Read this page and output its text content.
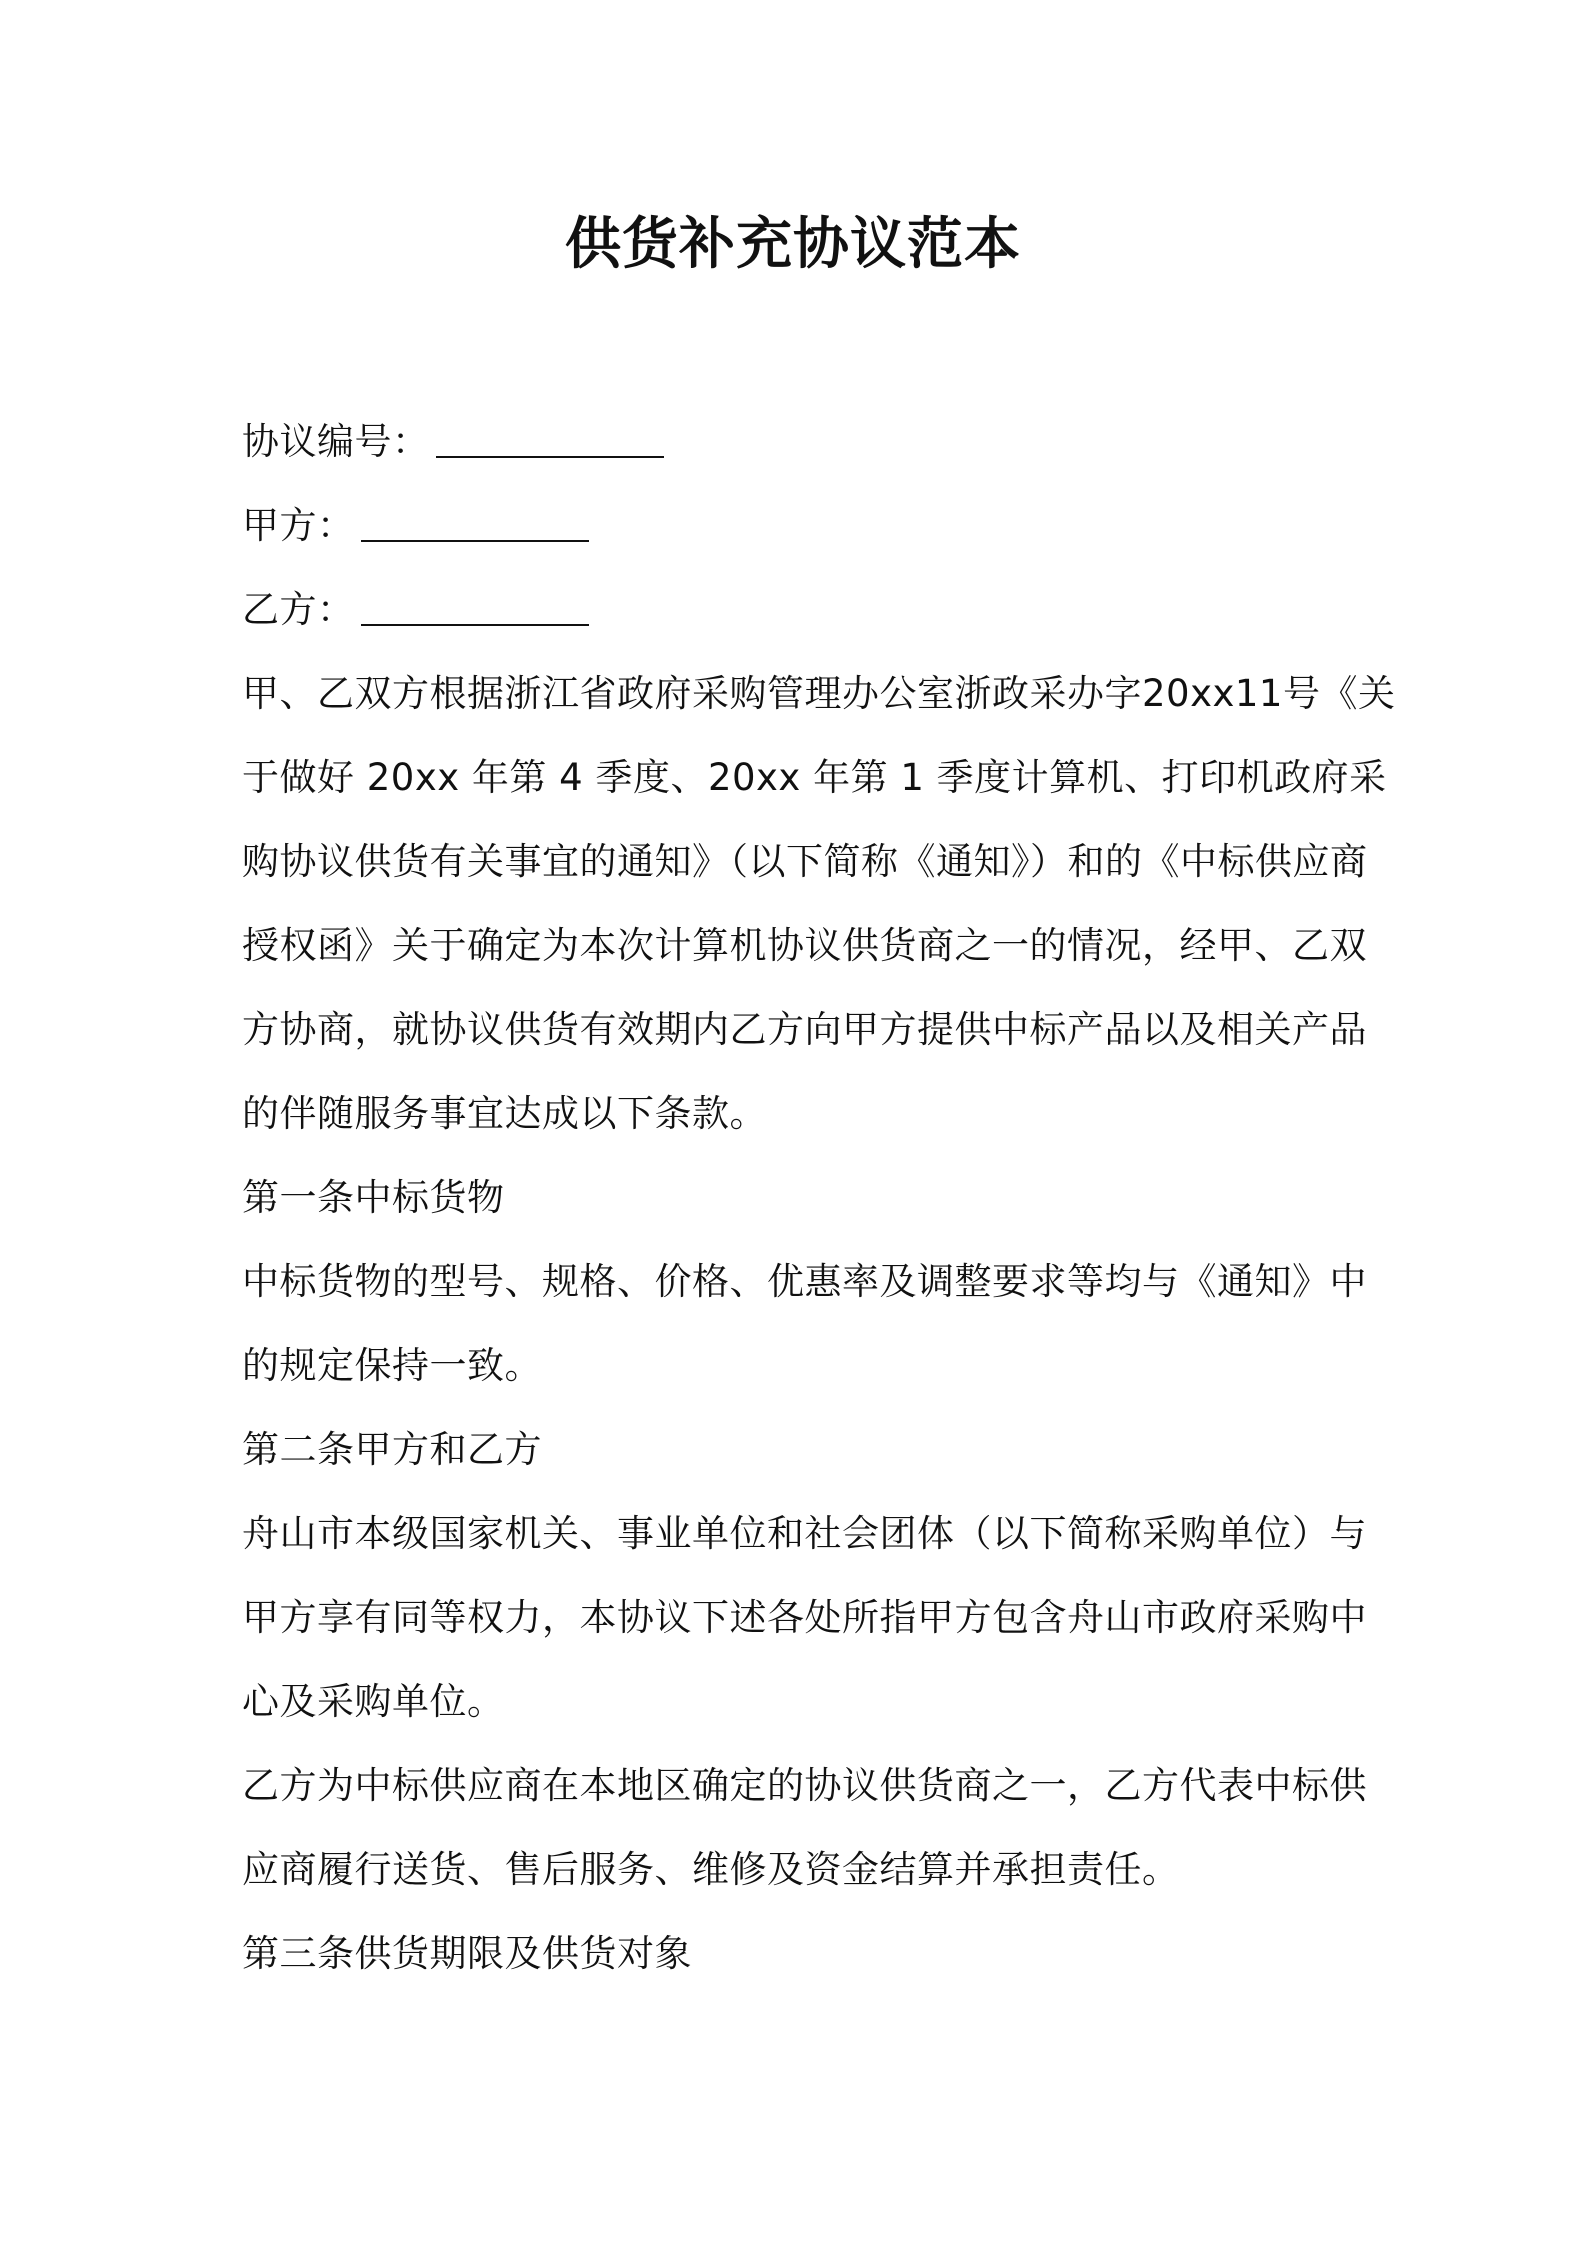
供货补充协议范本
协议编号：
甲方：
乙方：
甲、乙双方根据浙江省政府采购管理办公室浙政采办字20xx11号《关
于做好 20xx 年第 4 季度、20xx 年第 1 季度计算机、打印机政府采
购协议供货有关事宜的通知》（以下简称《通知》）和的《中标供应商
授权函》关于确定为本次计算机协议供货商之一的情况，经甲、乙双
方协商，就协议供货有效期内乙方向甲方提供中标产品以及相关产品
的伴随服务事宜达成以下条款。
第一条中标货物
中标货物的型号、规格、价格、优惠率及调整要求等均与《通知》中
的规定保持一致。
第二条甲方和乙方
舟山市本级国家机关、事业单位和社会团体（以下简称采购单位）与
甲方享有同等权力，本协议下述各处所指甲方包含舟山市政府采购中
心及采购单位。
乙方为中标供应商在本地区确定的协议供货商之一，乙方代表中标供
应商履行送货、售后服务、维修及资金结算并承担责任。
第三条供货期限及供货对象
